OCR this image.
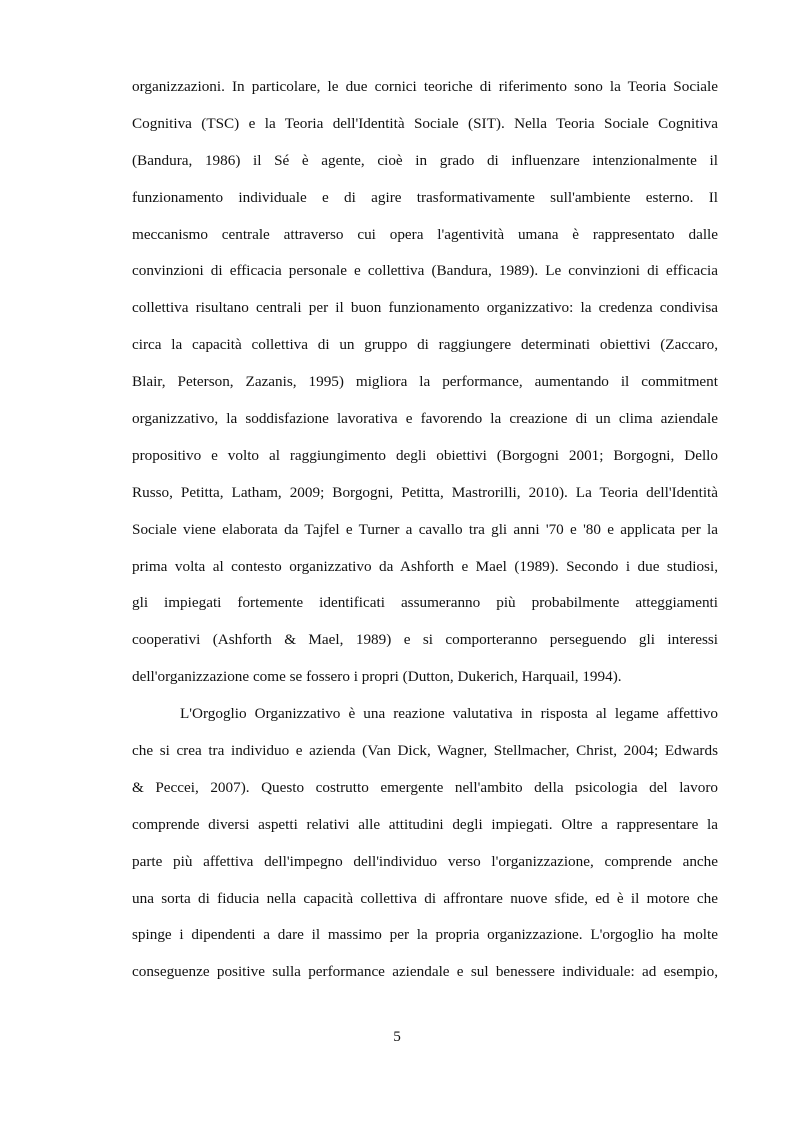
organizzazioni. In particolare, le due cornici teoriche di riferimento sono la Teoria Sociale
Cognitiva (TSC) e la Teoria dell'Identità Sociale (SIT). Nella Teoria Sociale Cognitiva
(Bandura, 1986) il Sé è agente, cioè in grado di influenzare intenzionalmente il
funzionamento individuale e di agire trasformativamente sull'ambiente esterno. Il
meccanismo centrale attraverso cui opera l'agentività umana è rappresentato dalle
convinzioni di efficacia personale e collettiva (Bandura, 1989). Le convinzioni di efficacia
collettiva risultano centrali per il buon funzionamento organizzativo: la credenza condivisa
circa la capacità collettiva di un gruppo di raggiungere determinati obiettivi (Zaccaro,
Blair, Peterson, Zazanis, 1995) migliora la performance, aumentando il commitment
organizzativo, la soddisfazione lavorativa e favorendo la creazione di un clima aziendale
propositivo e volto al raggiungimento degli obiettivi (Borgogni 2001; Borgogni, Dello
Russo, Petitta, Latham, 2009; Borgogni, Petitta, Mastrorilli, 2010). La Teoria dell'Identità
Sociale viene elaborata da Tajfel e Turner a cavallo tra gli anni '70 e '80 e applicata per la
prima volta al contesto organizzativo da Ashforth e Mael (1989). Secondo i due studiosi,
gli impiegati fortemente identificati assumeranno più probabilmente atteggiamenti
cooperativi (Ashforth & Mael, 1989) e si comporteranno perseguendo gli interessi
dell'organizzazione come se fossero i propri (Dutton, Dukerich, Harquail, 1994).
L'Orgoglio Organizzativo è una reazione valutativa in risposta al legame affettivo
che si crea tra individuo e azienda (Van Dick, Wagner, Stellmacher, Christ, 2004; Edwards
& Peccei, 2007). Questo costrutto emergente nell'ambito della psicologia del lavoro
comprende diversi aspetti relativi alle attitudini degli impiegati. Oltre a rappresentare la
parte più affettiva dell'impegno dell'individuo verso l'organizzazione, comprende anche
una sorta di fiducia nella capacità collettiva di affrontare nuove sfide, ed è il motore che
spinge i dipendenti a dare il massimo per la propria organizzazione. L'orgoglio ha molte
conseguenze positive sulla performance aziendale e sul benessere individuale: ad esempio,
5
